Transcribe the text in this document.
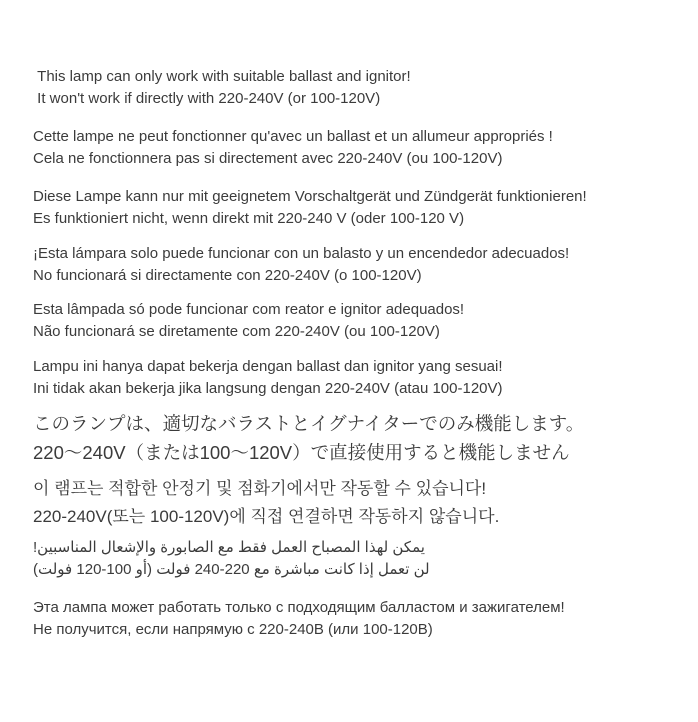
This lamp can only work with suitable ballast and ignitor!
It won't work if directly with 220-240V (or 100-120V)
Cette lampe ne peut fonctionner qu'avec un ballast et un allumeur appropriés !
Cela ne fonctionnera pas si directement avec 220-240V (ou 100-120V)
Diese Lampe kann nur mit geeignetem Vorschaltgerät und Zündgerät funktionieren!
Es funktioniert nicht, wenn direkt mit 220-240 V (oder 100-120 V)
¡Esta lámpara solo puede funcionar con un balasto y un encendedor adecuados!
No funcionará si directamente con 220-240V (o 100-120V)
Esta lâmpada só pode funcionar com reator e ignitor adequados!
Não funcionará se diretamente com 220-240V (ou 100-120V)
Lampu ini hanya dapat bekerja dengan ballast dan ignitor yang sesuai!
Ini tidak akan bekerja jika langsung dengan 220-240V (atau 100-120V)
このランプは、適切なバラストとイグナイターでのみ機能します。
220〜240V（または100〜120V）で直接使用すると機能しません
이 램프는 적합한 안정기 및 점화기에서만 작동할 수 있습니다!
220-240V(또는 100-120V)에 직접 연결하면 작동하지 않습니다.
يمكن لهذا المصباح العمل فقط مع الصابورة والإشعال المناسبين!
لن تعمل إذا كانت مباشرة مع 220-240 فولت (أو 100-120 فولت)
Эта лампа может работать только с подходящим балластом и зажигателем!
Не получится, если напрямую с 220-240В (или 100-120В)
